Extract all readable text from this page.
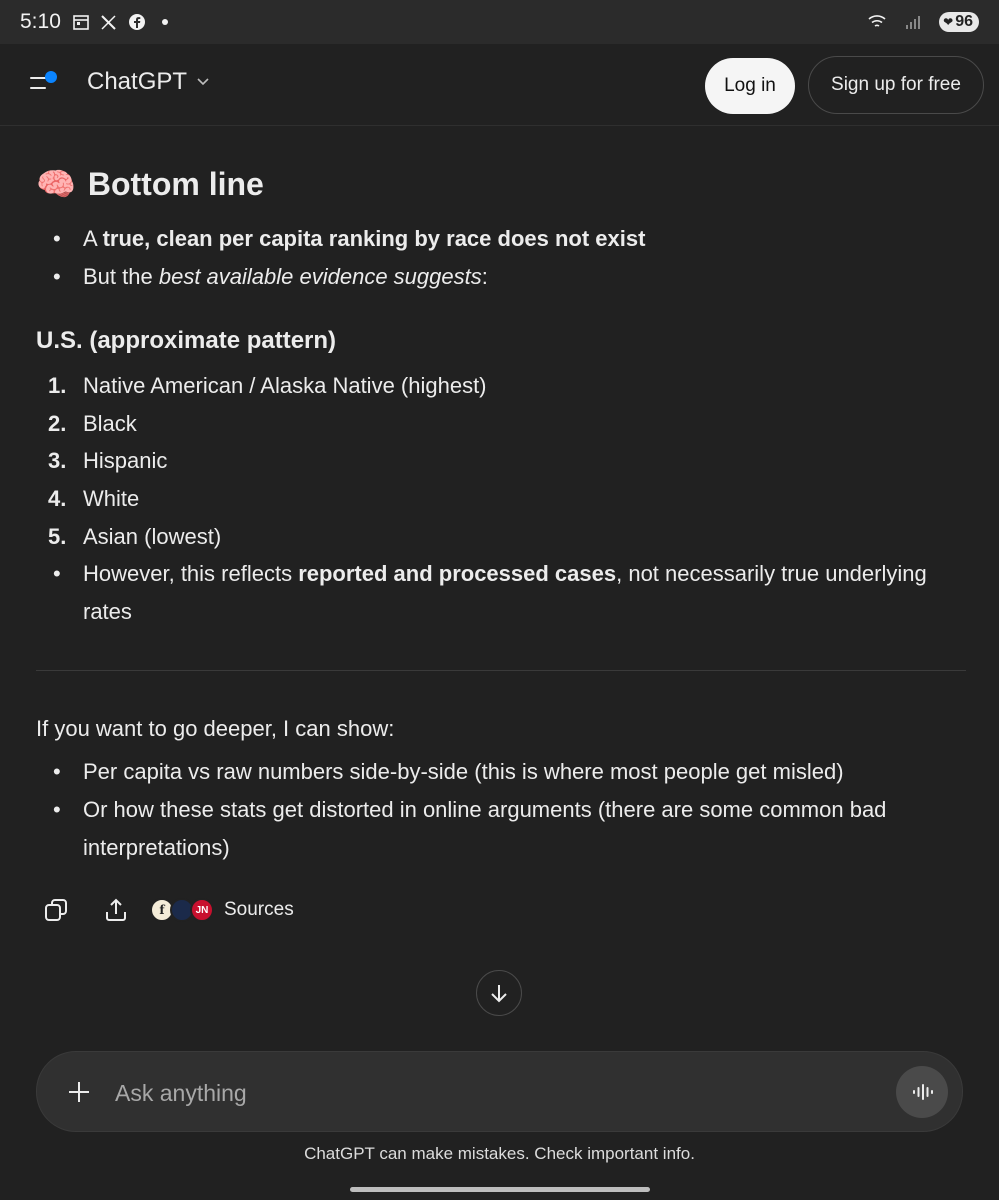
5:10	❤ 96
ChatGPT	Log in	Sign up for free
🧠 Bottom line
• A true, clean per capita ranking by race does not exist
• But the best available evidence suggests:
U.S. (approximate pattern)
1. Native American / Alaska Native (highest)
2. Black
3. Hispanic
4. White
5. Asian (lowest)
• However, this reflects reported and processed cases, not necessarily true underlying rates
If you want to go deeper, I can show:
• Per capita vs raw numbers side-by-side (this is where most people get misled)
• Or how these stats get distorted in online arguments (there are some common bad interpretations)
f	JN Sources
Ask anything
ChatGPT can make mistakes. Check important info.
